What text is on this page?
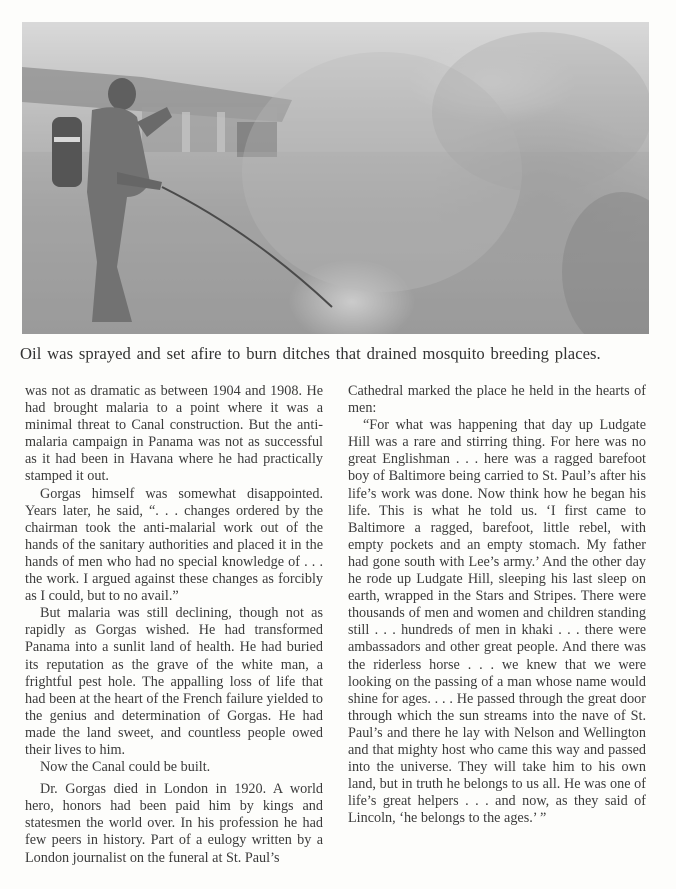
Oil was sprayed and set afire to burn ditches that drained mosquito breeding places.

was not as dramatic as between 1904 and 1908. He had brought malaria to a point where it was a minimal threat to Canal construction. But the anti-malaria campaign in Panama was not as successful as it had been in Havana where he had practically stamped it out.

Gorgas himself was somewhat disappointed. Years later, he said, “. . . changes ordered by the chairman took the anti-malarial work out of the hands of the sanitary authorities and placed it in the hands of men who had no special knowledge of . . . the work. I argued against these changes as forcibly as I could, but to no avail.”

But malaria was still declining, though not as rapidly as Gorgas wished. He had transformed Panama into a sunlit land of health. He had buried its reputation as the grave of the white man, a frightful pest hole. The appalling loss of life that had been at the heart of the French failure yielded to the genius and determination of Gorgas. He had made the land sweet, and countless people owed their lives to him.

Now the Canal could be built.

Dr. Gorgas died in London in 1920. A world hero, honors had been paid him by kings and statesmen the world over. In his profession he had few peers in history. Part of a eulogy written by a London journalist on the funeral at St. Paul’s

Cathedral marked the place he held in the hearts of men:

“For what was happening that day up Ludgate Hill was a rare and stirring thing. For here was no great Englishman . . . here was a ragged barefoot boy of Baltimore being carried to St. Paul’s after his life’s work was done. Now think how he began his life. This is what he told us. ‘I first came to Baltimore a ragged, barefoot, little rebel, with empty pockets and an empty stomach. My father had gone south with Lee’s army.’ And the other day he rode up Ludgate Hill, sleeping his last sleep on earth, wrapped in the Stars and Stripes. There were thousands of men and women and children standing still . . . hundreds of men in khaki . . . there were ambassadors and other great people. And there was the riderless horse . . . we knew that we were looking on the passing of a man whose name would shine for ages. . . . He passed through the great door through which the sun streams into the nave of St. Paul’s and there he lay with Nelson and Wellington and that mighty host who came this way and passed into the universe. They will take him to his own land, but in truth he belongs to us all. He was one of life’s great helpers . . . and now, as they said of Lincoln, ‘he belongs to the ages.’ ”
